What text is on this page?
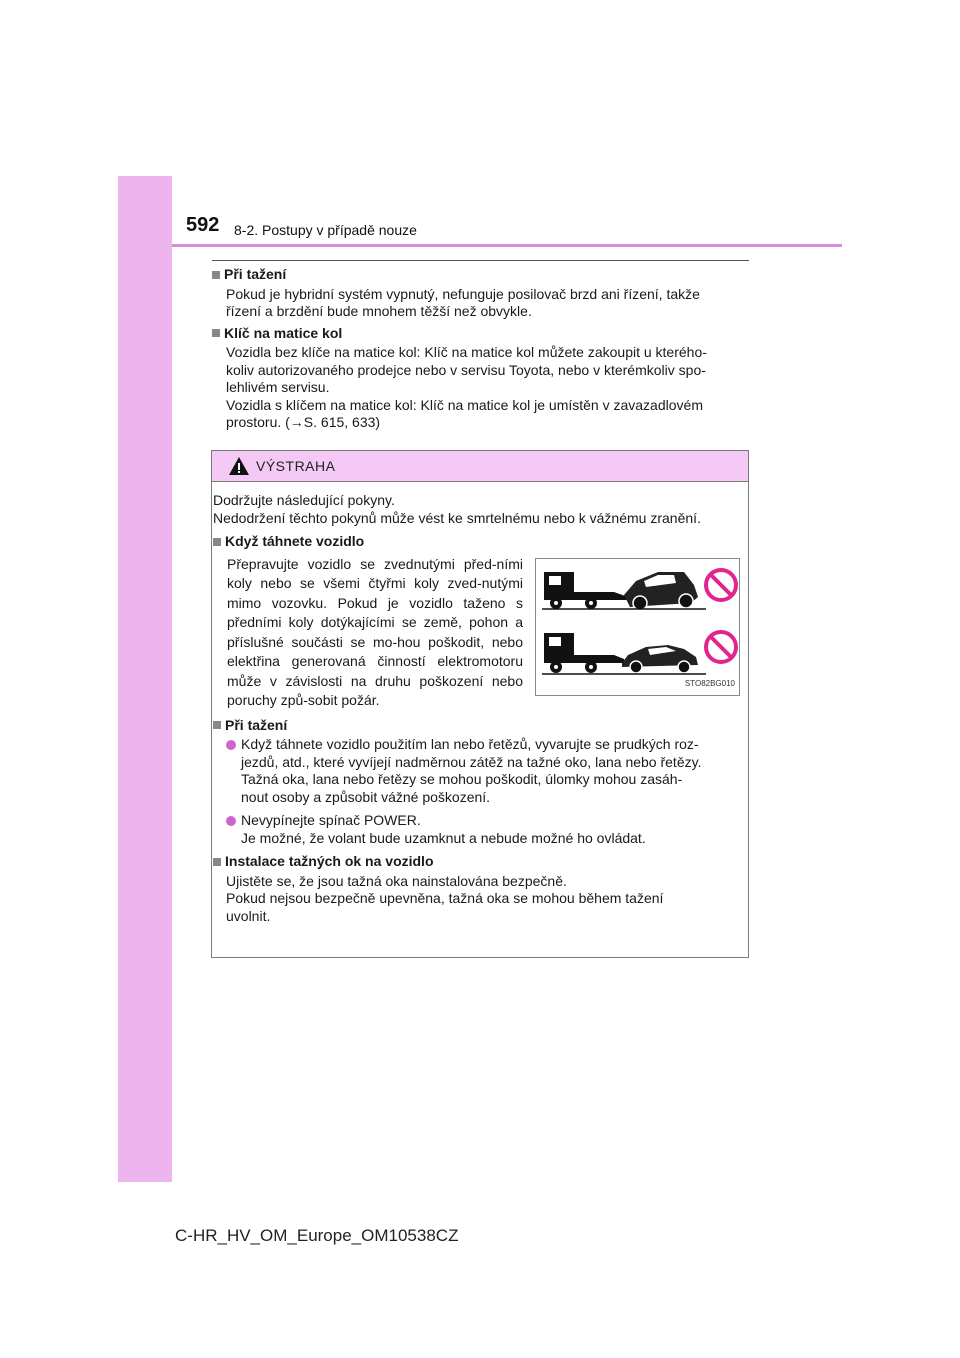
592 8-2. Postupy v případě nouze

Při tažení

Pokud je hybridní systém vypnutý, nefunguje posilovač brzd ani řízení, takže
řízení a brzdění bude mnohem těžší než obvykle.

Klíč na matice kol

Vozidla bez klíče na matice kol: Klíč na matice kol můžete zakoupit u kterého-
koliv autorizovaného prodejce nebo v servisu Toyota, nebo v kterémkoliv spo-
lehlivém servisu.
Vozidla s klíčem na matice kol: Klíč na matice kol je umístěn v zavazadlovém
prostoru. (→S. 615, 633)

VÝSTRAHA

Dodržujte následující pokyny.
Nedodržení těchto pokynů může vést ke smrtelnému nebo k vážnému zranění.

Když táhnete vozidlo

Přepravujte vozidlo se zvednutými před-ními koly nebo se všemi čtyřmi koly zved-nutými mimo vozovku. Pokud je vozidlo taženo s předními koly dotýkajícími se země, pohon a příslušné součásti se mo-hou poškodit, nebo elektřina generovaná činností elektromotoru může v závislosti na druhu poškození nebo poruchy způ-sobit požár.
STO82BG010

Při tažení

Když táhnete vozidlo použitím lan nebo řetězů, vyvarujte se prudkých roz-
jezdů, atd., které vyvíjejí nadměrnou zátěž na tažné oko, lana nebo řetězy.
Tažná oka, lana nebo řetězy se mohou poškodit, úlomky mohou zasáh-
nout osoby a způsobit vážné poškození.
Nevypínejte spínač POWER.
Je možné, že volant bude uzamknut a nebude možné ho ovládat.

Instalace tažných ok na vozidlo

Ujistěte se, že jsou tažná oka nainstalována bezpečně.
Pokud nejsou bezpečně upevněna, tažná oka se mohou během tažení
uvolnit.

C-HR_HV_OM_Europe_OM10538CZ
